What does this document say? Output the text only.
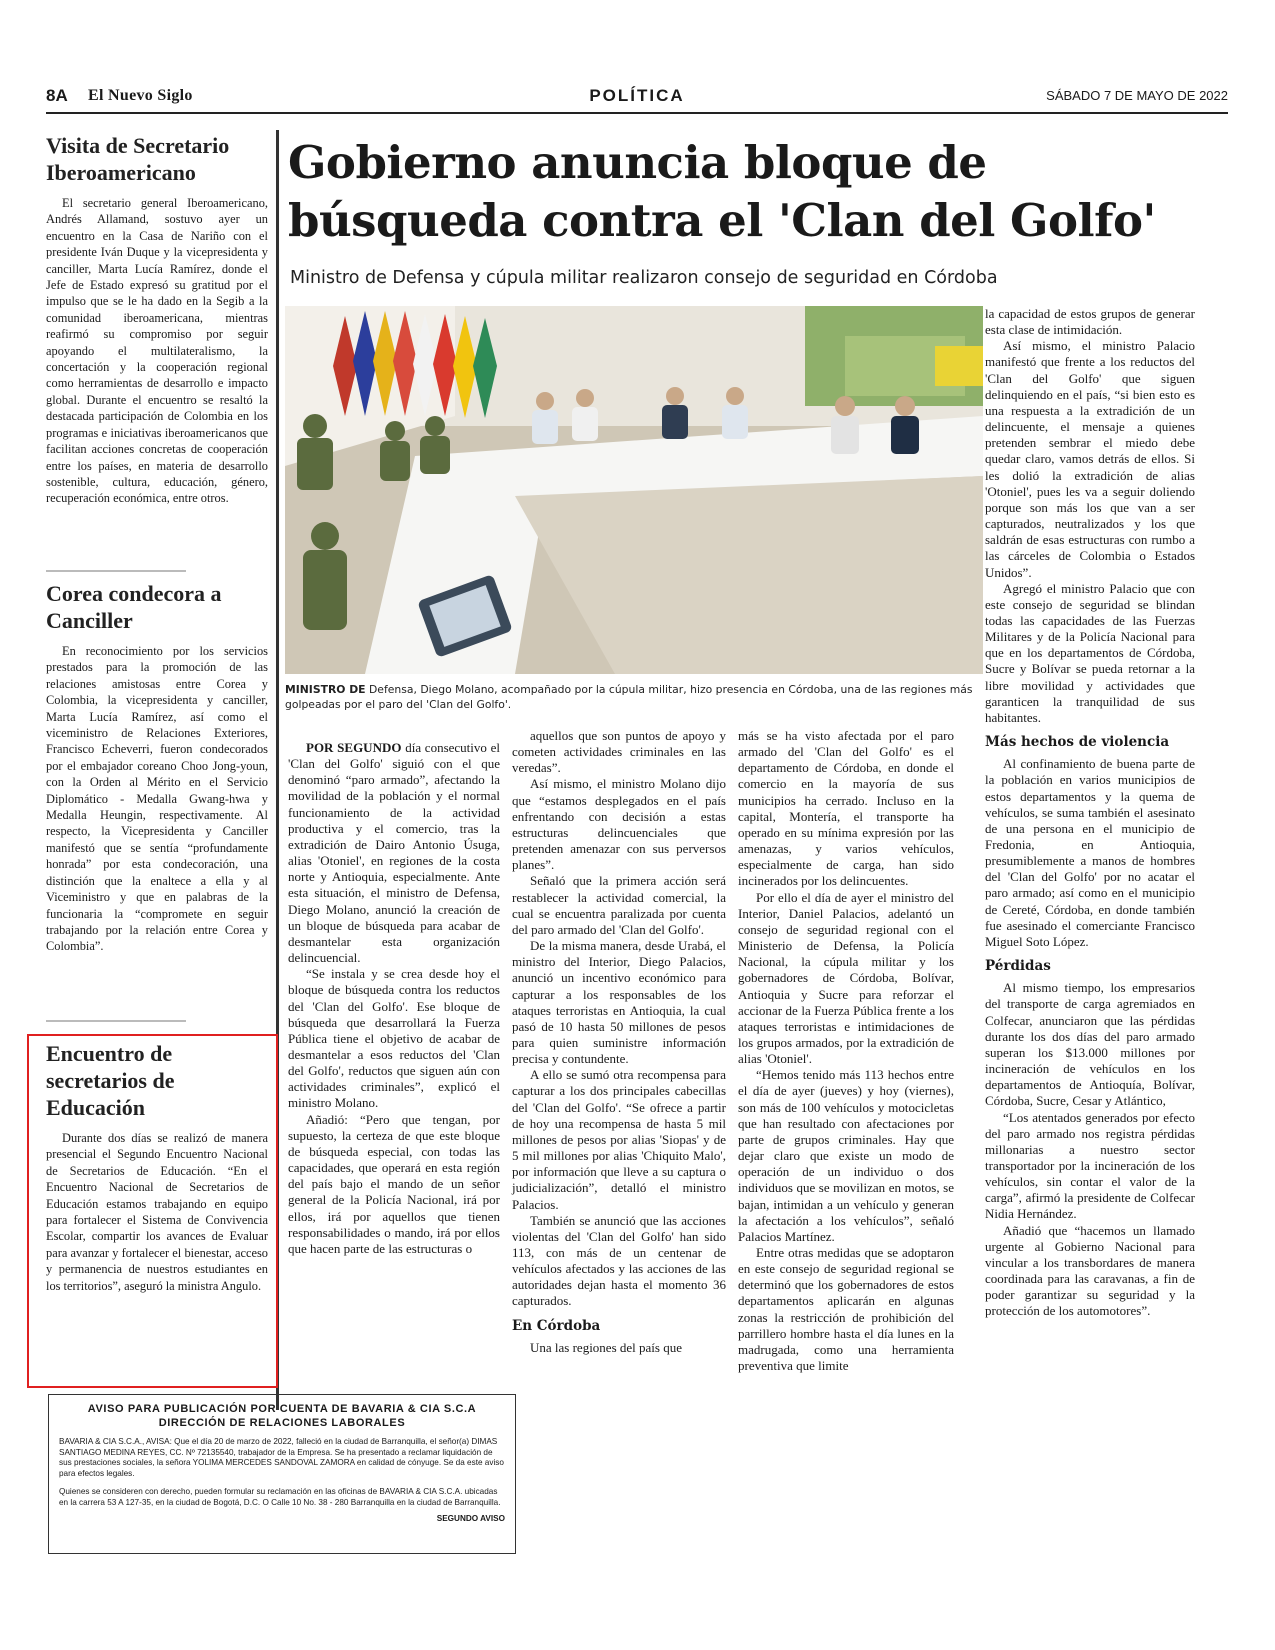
8A El Nuevo Siglo	POLÍTICA	SÁBADO 7 DE MAYO DE 2022
Visita de Secretario Iberoamericano

El secretario general Iberoamericano, Andrés Allamand, sostuvo ayer un encuentro en la Casa de Nariño con el presidente Iván Duque y la vicepresidenta y canciller, Marta Lucía Ramírez, donde el Jefe de Estado expresó su gratitud por el impulso que se le ha dado en la Segib a la comunidad iberoamericana, mientras reafirmó su compromiso por seguir apoyando el multilateralismo, la concertación y la cooperación regional como herramientas de desarrollo e impacto global. Durante el encuentro se resaltó la destacada participación de Colombia en los programas e iniciativas iberoamericanos que facilitan acciones concretas de cooperación entre los países, en materia de desarrollo sostenible, cultura, educación, género, recuperación económica, entre otros.

Corea condecora a Canciller

En reconocimiento por los servicios prestados para la promoción de las relaciones amistosas entre Corea y Colombia, la vicepresidenta y canciller, Marta Lucía Ramírez, así como el viceministro de Relaciones Exteriores, Francisco Echeverri, fueron condecorados por el embajador coreano Choo Jong-youn, con la Orden al Mérito en el Servicio Diplomático - Medalla Gwang-hwa y Medalla Heungin, respectivamente. Al respecto, la Vicepresidenta y Canciller manifestó que se sentía “profundamente honrada” por esta condecoración, una distinción que la enaltece a ella y al Viceministro y que en palabras de la funcionaria la “compromete en seguir trabajando por la relación entre Corea y Colombia”.

Encuentro de secretarios de Educación

Durante dos días se realizó de manera presencial el Segundo Encuentro Nacional de Secretarios de Educación. “En el Encuentro Nacional de Secretarios de Educación estamos trabajando en equipo para fortalecer el Sistema de Convivencia Escolar, compartir los avances de Evaluar para avanzar y fortalecer el bienestar, acceso y permanencia de nuestros estudiantes en los territorios”, aseguró la ministra Angulo.

AVISO PARA PUBLICACIÓN POR CUENTA DE BAVARIA & CIA S.C.A
DIRECCIÓN DE RELACIONES LABORALES

BAVARIA & CIA S.C.A., AVISA: Que el día 20 de marzo de 2022, falleció en la ciudad de Barranquilla, el señor(a) DIMAS SANTIAGO MEDINA REYES, CC. Nº 72135540, trabajador de la Empresa. Se ha presentado a reclamar liquidación de sus prestaciones sociales, la señora YOLIMA MERCEDES SANDOVAL ZAMORA en calidad de cónyuge. Se da este aviso para efectos legales.

Quienes se consideren con derecho, pueden formular su reclamación en las oficinas de BAVARIA & CIA S.C.A. ubicadas en la carrera 53 A 127-35, en la ciudad de Bogotá, D.C. O Calle 10 No. 38 - 280 Barranquilla en la ciudad de Barranquilla.

SEGUNDO AVISO
Gobierno anuncia bloque de búsqueda contra el 'Clan del Golfo'
Ministro de Defensa y cúpula militar realizaron consejo de seguridad en Córdoba

MINISTRO DE Defensa, Diego Molano, acompañado por la cúpula militar, hizo presencia en Córdoba, una de las regiones más golpeadas por el paro del 'Clan del Golfo'.

POR SEGUNDO día consecutivo el 'Clan del Golfo' siguió con el que denominó “paro armado”, afectando la movilidad de la población y el normal funcionamiento de la actividad productiva y el comercio, tras la extradición de Dairo Antonio Úsuga, alias 'Otoniel', en regiones de la costa norte y Antioquia, especialmente. Ante esta situación, el ministro de Defensa, Diego Molano, anunció la creación de un bloque de búsqueda para acabar de desmantelar esta organización delincuencial.

“Se instala y se crea desde hoy el bloque de búsqueda contra los reductos del 'Clan del Golfo'. Ese bloque de búsqueda que desarrollará la Fuerza Pública tiene el objetivo de acabar de desmantelar a esos reductos del 'Clan del Golfo', reductos que siguen aún con actividades criminales”, explicó el ministro Molano.

Añadió: “Pero que tengan, por supuesto, la certeza de que este bloque de búsqueda especial, con todas las capacidades, que operará en esta región del país bajo el mando de un señor general de la Policía Nacional, irá por ellos, irá por aquellos que tienen responsabilidades o mando, irá por ellos que hacen parte de las estructuras o

aquellos que son puntos de apoyo y cometen actividades criminales en las veredas”.

Así mismo, el ministro Molano dijo que “estamos desplegados en el país enfrentando con decisión a estas estructuras delincuenciales que pretenden amenazar con sus perversos planes”.

Señaló que la primera acción será restablecer la actividad comercial, la cual se encuentra paralizada por cuenta del paro armado del 'Clan del Golfo'.

De la misma manera, desde Urabá, el ministro del Interior, Diego Palacios, anunció un incentivo económico para capturar a los responsables de los ataques terroristas en Antioquia, la cual pasó de 10 hasta 50 millones de pesos para quien suministre información precisa y contundente.

A ello se sumó otra recompensa para capturar a los dos principales cabecillas del 'Clan del Golfo'. “Se ofrece a partir de hoy una recompensa de hasta 5 mil millones de pesos por alias 'Siopas' y de 5 mil millones por alias 'Chiquito Malo', por información que lleve a su captura o judicialización”, detalló el ministro Palacios.

También se anunció que las acciones violentas del 'Clan del Golfo' han sido 113, con más de un centenar de vehículos afectados y las acciones de las autoridades dejan hasta el momento 36 capturados.

En Córdoba

Una las regiones del país que

más se ha visto afectada por el paro armado del 'Clan del Golfo' es el departamento de Córdoba, en donde el comercio en la mayoría de sus municipios ha cerrado. Incluso en la capital, Montería, el transporte ha operado en su mínima expresión por las amenazas, y varios vehículos, especialmente de carga, han sido incinerados por los delincuentes.

Por ello el día de ayer el ministro del Interior, Daniel Palacios, adelantó un consejo de seguridad regional con el Ministerio de Defensa, la Policía Nacional, la cúpula militar y los gobernadores de Córdoba, Bolívar, Antioquia y Sucre para reforzar el accionar de la Fuerza Pública frente a los ataques terroristas e intimidaciones de los grupos armados, por la extradición de alias 'Otoniel'.

“Hemos tenido más 113 hechos entre el día de ayer (jueves) y hoy (viernes), son más de 100 vehículos y motocicletas que han resultado con afectaciones por parte de grupos criminales. Hay que dejar claro que existe un modo de operación de un individuo o dos individuos que se movilizan en motos, se bajan, intimidan a un vehículo y generan la afectación a los vehículos”, señaló Palacios Martínez.

Entre otras medidas que se adoptaron en este consejo de seguridad regional se determinó que los gobernadores de estos departamentos aplicarán en algunas zonas la restricción de prohibición del parrillero hombre hasta el día lunes en la madrugada, como una herramienta preventiva que limite

la capacidad de estos grupos de generar esta clase de intimidación.

Así mismo, el ministro Palacio manifestó que frente a los reductos del 'Clan del Golfo' que siguen delinquiendo en el país, “si bien esto es una respuesta a la extradición de un delincuente, el mensaje a quienes pretenden sembrar el miedo debe quedar claro, vamos detrás de ellos. Si les dolió la extradición de alias 'Otoniel', pues les va a seguir doliendo porque son más los que van a ser capturados, neutralizados y los que saldrán de esas estructuras con rumbo a las cárceles de Colombia o Estados Unidos”.

Agregó el ministro Palacio que con este consejo de seguridad se blindan todas las capacidades de las Fuerzas Militares y de la Policía Nacional para que en los departamentos de Córdoba, Sucre y Bolívar se pueda retornar a la libre movilidad y actividades que garanticen la tranquilidad de sus habitantes.

Más hechos de violencia

Al confinamiento de buena parte de la población en varios municipios de estos departamentos y la quema de vehículos, se suma también el asesinato de una persona en el municipio de Fredonia, en Antioquia, presumiblemente a manos de hombres del 'Clan del Golfo' por no acatar el paro armado; así como en el municipio de Cereté, Córdoba, en donde también fue asesinado el comerciante Francisco Miguel Soto López.

Pérdidas

Al mismo tiempo, los empresarios del transporte de carga agremiados en Colfecar, anunciaron que las pérdidas durante los dos días del paro armado superan los $13.000 millones por incineración de vehículos en los departamentos de Antioquía, Bolívar, Córdoba, Sucre, Cesar y Atlántico,

“Los atentados generados por efecto del paro armado nos registra pérdidas millonarias a nuestro sector transportador por la incineración de los vehículos, sin contar el valor de la carga”, afirmó la presidente de Colfecar Nidia Hernández.

Añadió que “hacemos un llamado urgente al Gobierno Nacional para vincular a los transbordares de manera coordinada para las caravanas, a fin de poder garantizar su seguridad y la protección de los automotores”.
